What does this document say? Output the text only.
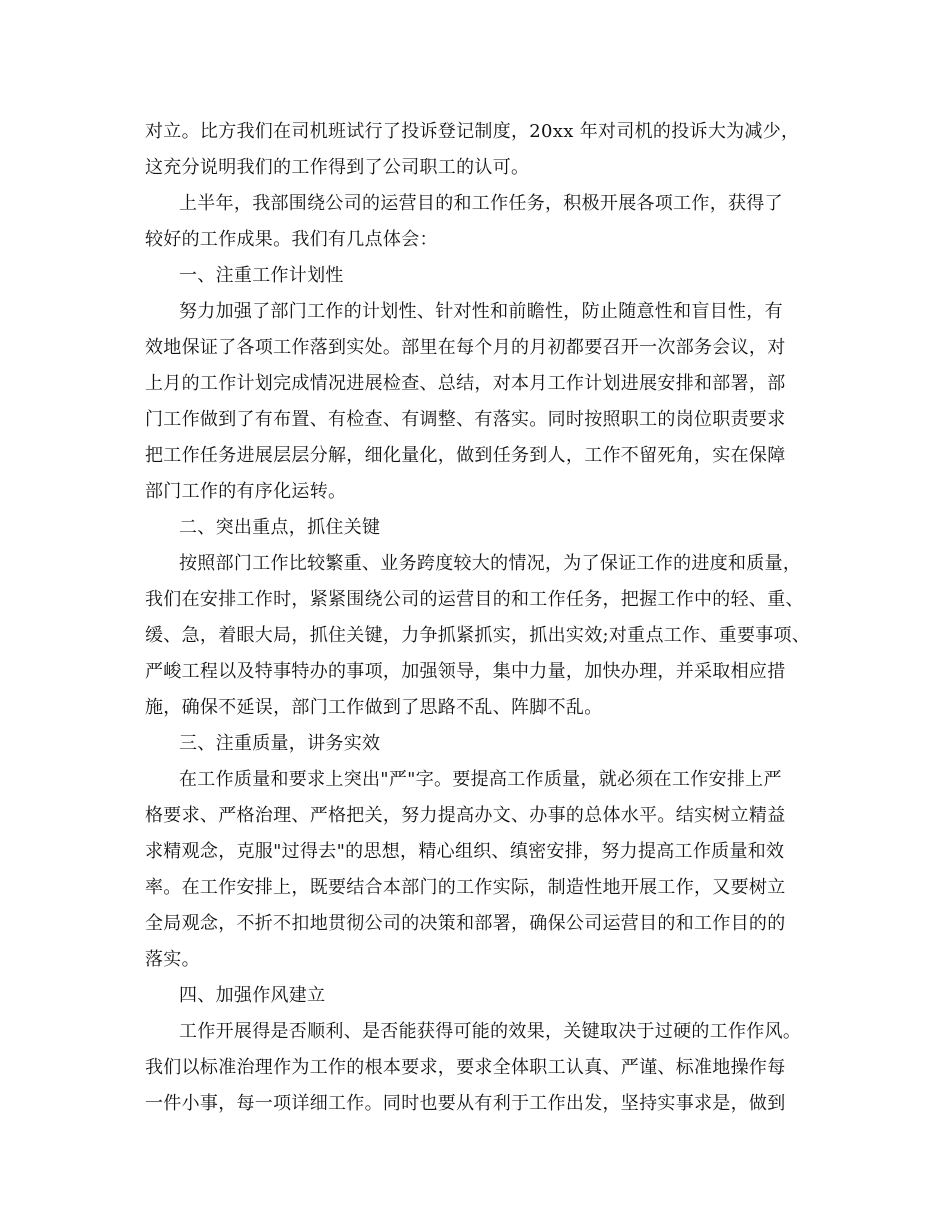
对立。比方我们在司机班试行了投诉登记制度，20xx 年对司机的投诉大为减少，
这充分说明我们的工作得到了公司职工的认可。
上半年，我部围绕公司的运营目的和工作任务，积极开展各项工作，获得了
较好的工作成果。我们有几点体会：
一、注重工作计划性
努力加强了部门工作的计划性、针对性和前瞻性，防止随意性和盲目性，有
效地保证了各项工作落到实处。部里在每个月的月初都要召开一次部务会议，对
上月的工作计划完成情况进展检查、总结，对本月工作计划进展安排和部署，部
门工作做到了有布置、有检查、有调整、有落实。同时按照职工的岗位职责要求
把工作任务进展层层分解，细化量化，做到任务到人，工作不留死角，实在保障
部门工作的有序化运转。
二、突出重点，抓住关键
按照部门工作比较繁重、业务跨度较大的情况，为了保证工作的进度和质量，
我们在安排工作时，紧紧围绕公司的运营目的和工作任务，把握工作中的轻、重、
缓、急，着眼大局，抓住关键，力争抓紧抓实，抓出实效;对重点工作、重要事项、
严峻工程以及特事特办的事项，加强领导，集中力量，加快办理，并采取相应措
施，确保不延误，部门工作做到了思路不乱、阵脚不乱。
三、注重质量，讲务实效
在工作质量和要求上突出"严"字。要提高工作质量，就必须在工作安排上严
格要求、严格治理、严格把关，努力提高办文、办事的总体水平。结实树立精益
求精观念，克服"过得去"的思想，精心组织、缜密安排，努力提高工作质量和效
率。在工作安排上，既要结合本部门的工作实际，制造性地开展工作，又要树立
全局观念，不折不扣地贯彻公司的决策和部署，确保公司运营目的和工作目的的
落实。
四、加强作风建立
工作开展得是否顺利、是否能获得可能的效果，关键取决于过硬的工作作风。
我们以标准治理作为工作的根本要求，要求全体职工认真、严谨、标准地操作每
一件小事，每一项详细工作。同时也要从有利于工作出发，坚持实事求是，做到
